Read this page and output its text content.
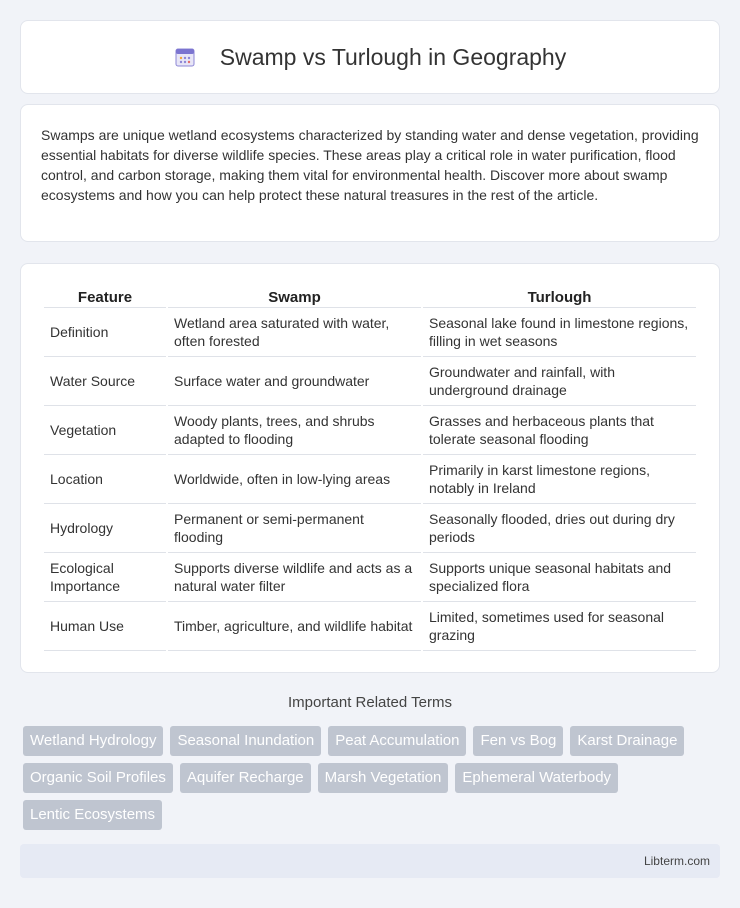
Swamp vs Turlough in Geography

Swamps are unique wetland ecosystems characterized by standing water and dense vegetation, providing essential habitats for diverse wildlife species. These areas play a critical role in water purification, flood control, and carbon storage, making them vital for environmental health. Discover more about swamp ecosystems and how you can help protect these natural treasures in the rest of the article.

Feature	Swamp	Turlough
Definition	Wetland area saturated with water, often forested	Seasonal lake found in limestone regions, filling in wet seasons
Water Source	Surface water and groundwater	Groundwater and rainfall, with underground drainage
Vegetation	Woody plants, trees, and shrubs adapted to flooding	Grasses and herbaceous plants that tolerate seasonal flooding
Location	Worldwide, often in low-lying areas	Primarily in karst limestone regions, notably in Ireland
Hydrology	Permanent or semi-permanent flooding	Seasonally flooded, dries out during dry periods
Ecological Importance	Supports diverse wildlife and acts as a natural water filter	Supports unique seasonal habitats and specialized flora
Human Use	Timber, agriculture, and wildlife habitat	Limited, sometimes used for seasonal grazing
Important Related Terms
Wetland Hydrology	Seasonal Inundation	Peat Accumulation	Fen vs Bog	Karst Drainage
Organic Soil Profiles	Aquifer Recharge	Marsh Vegetation	Ephemeral Waterbody
Lentic Ecosystems
Libterm.com
